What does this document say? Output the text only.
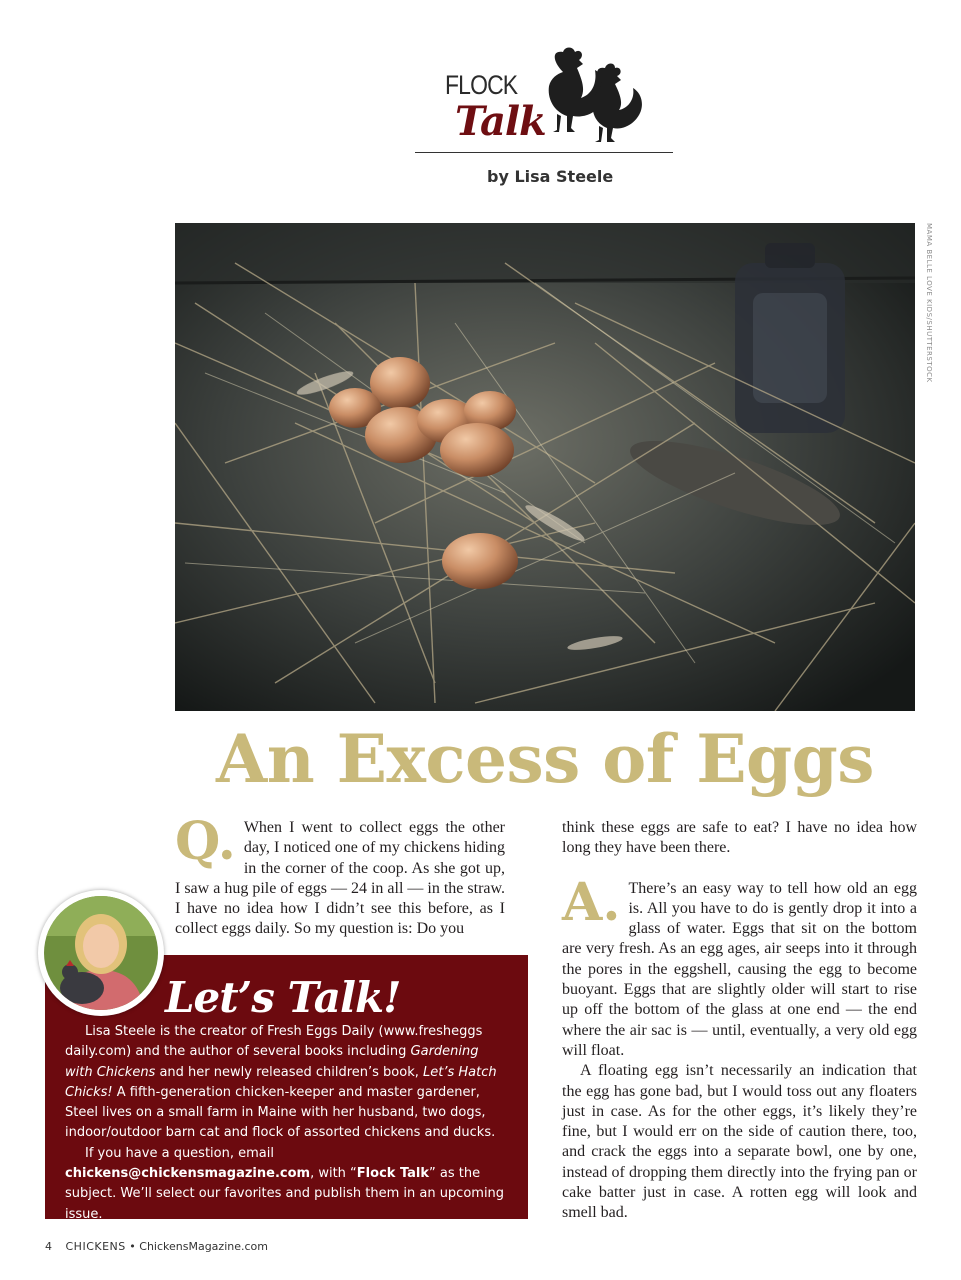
FLOCK
Talk
by Lisa Steele
MAMA BELLE LOVE KIDS/SHUTTERSTOCK
An Excess of Eggs

Q. When I went to collect eggs the other day, I noticed one of my chickens hiding in the corner of the coop. As she got up, I saw a hug pile of eggs — 24 in all — in the straw. I have no idea how I didn’t see this before, as I collect eggs daily. So my question is: Do you

think these eggs are safe to eat? I have no idea how long they have been there.

A. There’s an easy way to tell how old an egg is. All you have to do is gently drop it into a glass of water. Eggs that sit on the bottom are very fresh. As an egg ages, air seeps into it through the pores in the eggshell, causing the egg to become buoyant. Eggs that are slightly older will start to rise up off the bottom of the glass at one end — the end where the air sac is — until, eventually, a very old egg will float.

A floating egg isn’t necessarily an indication that the egg has gone bad, but I would toss out any floaters just in case. As for the other eggs, it’s likely they’re fine, but I would err on the side of caution there, too, and crack the eggs into a separate bowl, one by one, instead of dropping them directly into the frying pan or cake batter just in case. A rotten egg will look and smell bad.

Let’s Talk!

Lisa Steele is the creator of Fresh Eggs Daily (www.fresheggs daily.com) and the author of several books including Gardening with Chickens and her newly released children’s book, Let’s Hatch Chicks! A fifth-generation chicken-keeper and master gardener, Steel lives on a small farm in Maine with her husband, two dogs, indoor/outdoor barn cat and flock of assorted chickens and ducks.

If you have a question, email chickens@chickensmagazine.com, with “Flock Talk” as the subject. We’ll select our favorites and publish them in an upcoming issue.

4 CHICKENS • ChickensMagazine.com
